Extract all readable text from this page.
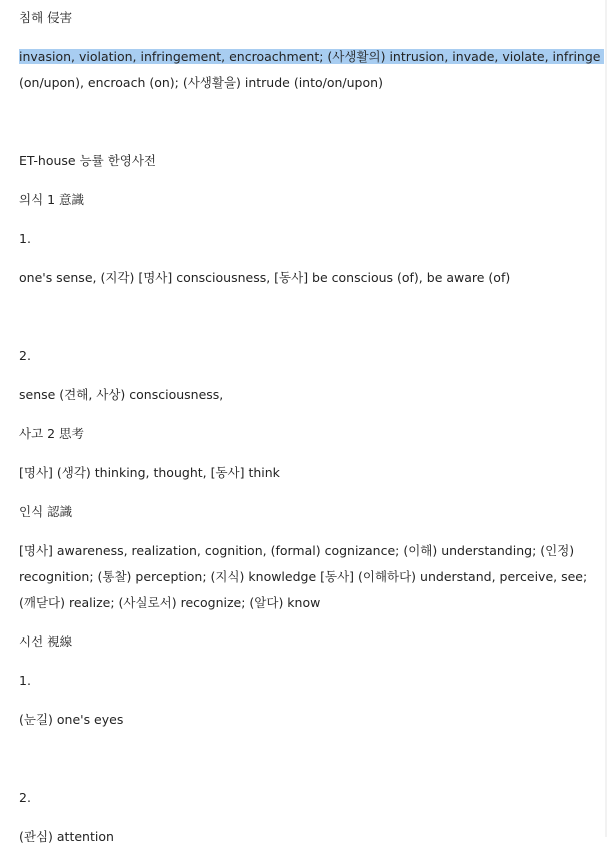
침해 侵害
invasion, violation, infringement, encroachment; (사생활의) intrusion, invade, violate, infringe
(on/upon), encroach (on); (사생활을) intrude (into/on/upon)
ET-house 능률 한영사전
의식 1 意識
1.
one's sense, (지각) [명사] consciousness, [동사] be conscious (of), be aware (of)
2.
sense (견해, 사상) consciousness,
사고 2 思考
[명사] (생각) thinking, thought, [동사] think
인식 認識
[명사] awareness, realization, cognition, (formal) cognizance; (이해) understanding; (인정)
recognition; (통찰) perception; (지식) knowledge [동사] (이해하다) understand, perceive, see;
(깨닫다) realize; (사실로서) recognize; (알다) know
시선 視線
1.
(눈길) one's eyes
2.
(관심) attention
